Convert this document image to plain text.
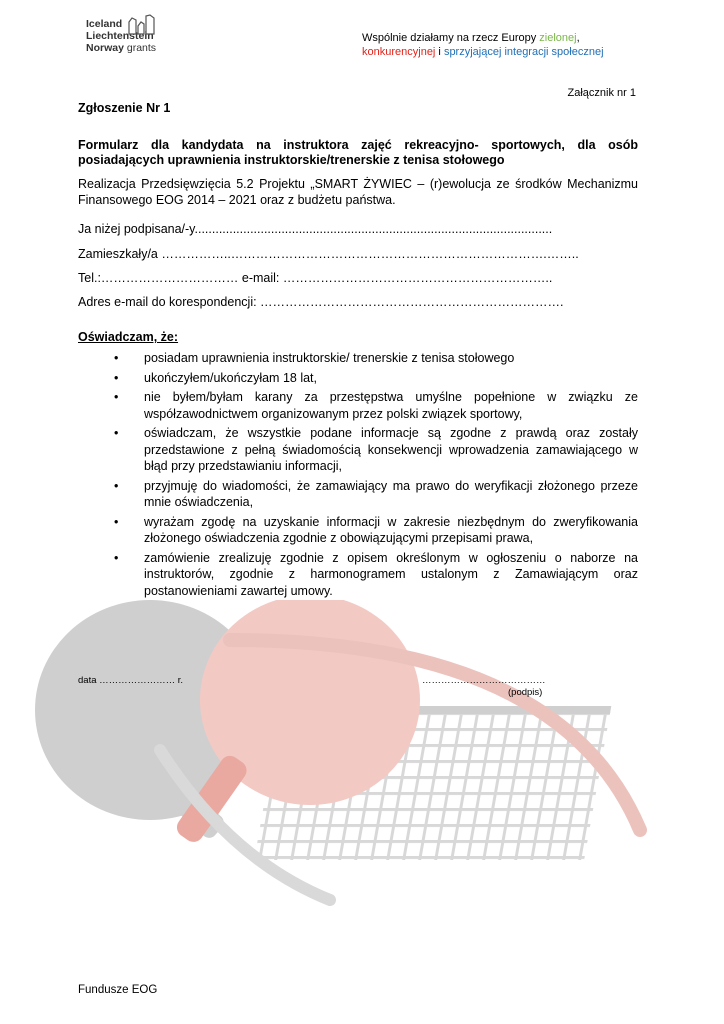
Iceland
Liechtenstein
Norway grants
Wspólnie działamy na rzecz Europy zielonej,
konkurencyjnej i sprzyjającej integracji społecznej
Załącznik nr 1
Zgłoszenie Nr 1
Formularz dla kandydata na instruktora zajęć rekreacyjno- sportowych, dla osób posiadających uprawnienia instruktorskie/trenerskie z tenisa stołowego
Realizacja Przedsięwzięcia 5.2 Projektu „SMART ŻYWIEC – (r)ewolucja ze środków Mechanizmu Finansowego EOG 2014 – 2021 oraz z budżetu państwa.
Ja niżej podpisana/-y.......................................................................................................
Zamieszkały/a ……………..………………………………………………………………….……..
Tel.:…………………………… e-mail: ………………………………………………………..
Adres e-mail do korespondencji: ……………………………………………………………….
Oświadczam, że:
• posiadam uprawnienia instruktorskie/ trenerskie z tenisa stołowego
• ukończyłem/ukończyłam 18 lat,
• nie byłem/byłam karany za przestępstwa umyślne popełnione w związku ze współzawodnictwem organizowanym przez polski związek sportowy,
• oświadczam, że wszystkie podane informacje są zgodne z prawdą oraz zostały przedstawione z pełną świadomością konsekwencji wprowadzenia zamawiającego w błąd przy przedstawianiu informacji,
• przyjmuję do wiadomości, że zamawiający ma prawo do weryfikacji złożonego przeze mnie oświadczenia,
• wyrażam zgodę na uzyskanie informacji w zakresie niezbędnym do zweryfikowania złożonego oświadczenia zgodnie z obowiązującymi przepisami prawa,
• zamówienie zrealizuję zgodnie z opisem określonym w ogłoszeniu o naborze na instruktorów, zgodnie z harmonogramem ustalonym z Zamawiającym oraz postanowieniami zawartej umowy.
data …………………… r.	…………………………………
(podpis)
Fundusze EOG
